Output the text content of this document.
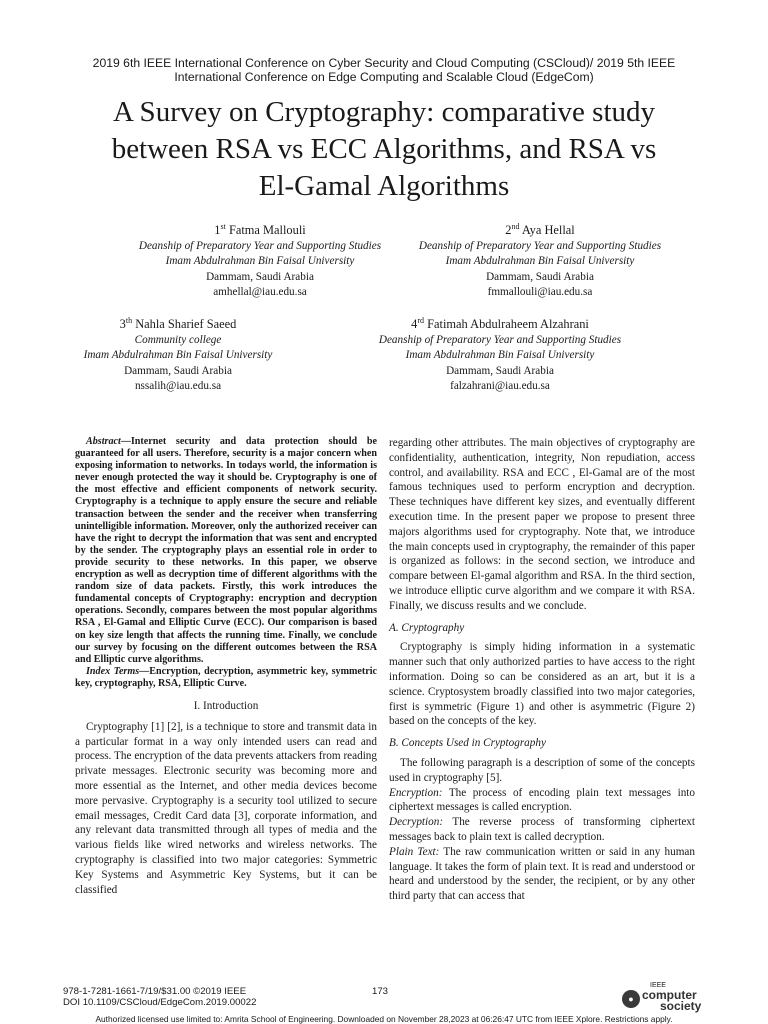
2019 6th IEEE International Conference on Cyber Security and Cloud Computing (CSCloud)/ 2019 5th IEEE
International Conference on Edge Computing and Scalable Cloud (EdgeCom)
A Survey on Cryptography: comparative study
between RSA vs ECC Algorithms, and RSA vs
El-Gamal Algorithms
1st Fatma Mallouli
Deanship of Preparatory Year and Supporting Studies
Imam Abdulrahman Bin Faisal University
Dammam, Saudi Arabia
amhellal@iau.edu.sa
2nd Aya Hellal
Deanship of Preparatory Year and Supporting Studies
Imam Abdulrahman Bin Faisal University
Dammam, Saudi Arabia
fmmallouli@iau.edu.sa
3th Nahla Sharief Saeed
Community college
Imam Abdulrahman Bin Faisal University
Dammam, Saudi Arabia
nssalih@iau.edu.sa
4rd Fatimah Abdulraheem Alzahrani
Deanship of Preparatory Year and Supporting Studies
Imam Abdulrahman Bin Faisal University
Dammam, Saudi Arabia
falzahrani@iau.edu.sa

Abstract—Internet security and data protection should be guaranteed for all users. Therefore, security is a major concern when exposing information to networks. In todays world, the information is never enough protected the way it should be. Cryptography is one of the most effective and efficient components of network security. Cryptography is a technique to apply ensure the secure and reliable transaction between the sender and the receiver when transferring unintelligible information. Moreover, only the authorized receiver can have the right to decrypt the information that was sent and encrypted by the sender. The cryptography plays an essential role in order to provide security to these networks. In this paper, we observe encryption as well as decryption time of different algorithms with the random size of data packets. Firstly, this work introduces the fundamental concepts of Cryptography: encryption and decryption operations. Secondly, compares between the most popular algorithms RSA , El-Gamal and Elliptic Curve (ECC). Our comparison is based on key size length that affects the running time. Finally, we conclude our survey by focusing on the different outcomes between the RSA and Elliptic curve algorithms.

Index Terms—Encryption, decryption, asymmetric key, symmetric key, cryptography, RSA, Elliptic Curve.

I. Introduction

Cryptography [1] [2], is a technique to store and transmit data in a particular format in a way only intended users can read and process. The encryption of the data prevents attackers from reading private messages. Electronic security was becoming more and more essential as the Internet, and other media devices become more pervasive. Cryptography is a security tool utilized to secure email messages, Credit Card data [3], corporate information, and any relevant data transmitted through all types of media and the various fields like wired networks and wireless networks. The cryptography is classified into two major categories: Symmetric Key Systems and Asymmetric Key Systems, but it can be classified

regarding other attributes. The main objectives of cryptography are confidentiality, authentication, integrity, Non repudiation, access control, and availability. RSA and ECC , El-Gamal are of the most famous techniques used to perform encryption and decryption. These techniques have different key sizes, and eventually different execution time. In the present paper we propose to present three majors algorithms used for cryptography. Note that, we introduce the main concepts used in cryptography, the remainder of this paper is organized as follows: in the second section, we introduce and compare between El-gamal algorithm and RSA. In the third section, we introduce elliptic curve algorithm and we compare it with RSA. Finally, we discuss results and we conclude.

A. Cryptography

Cryptography is simply hiding information in a systematic manner such that only authorized parties to have access to the right information. Doing so can be considered as an art, but it is a science. Cryptosystem broadly classified into two major categories, first is symmetric (Figure 1) and other is asymmetric (Figure 2) based on the concepts of the key.

B. Concepts Used in Cryptography

The following paragraph is a description of some of the concepts used in cryptography [5].

Encryption: The process of encoding plain text messages into ciphertext messages is called encryption.

Decryption: The reverse process of transforming ciphertext messages back to plain text is called decryption.

Plain Text: The raw communication written or said in any human language. It takes the form of plain text. It is read and understood or heard and understood by the sender, the recipient, or by any other third party that can access that

978-1-7281-1661-7/19/$31.00 ©2019 IEEE
DOI 10.1109/CSCloud/EdgeCom.2019.00022
173
●
IEEE
computer
society
Authorized licensed use limited to: Amrita School of Engineering. Downloaded on November 28,2023 at 06:26:47 UTC from IEEE Xplore. Restrictions apply.
